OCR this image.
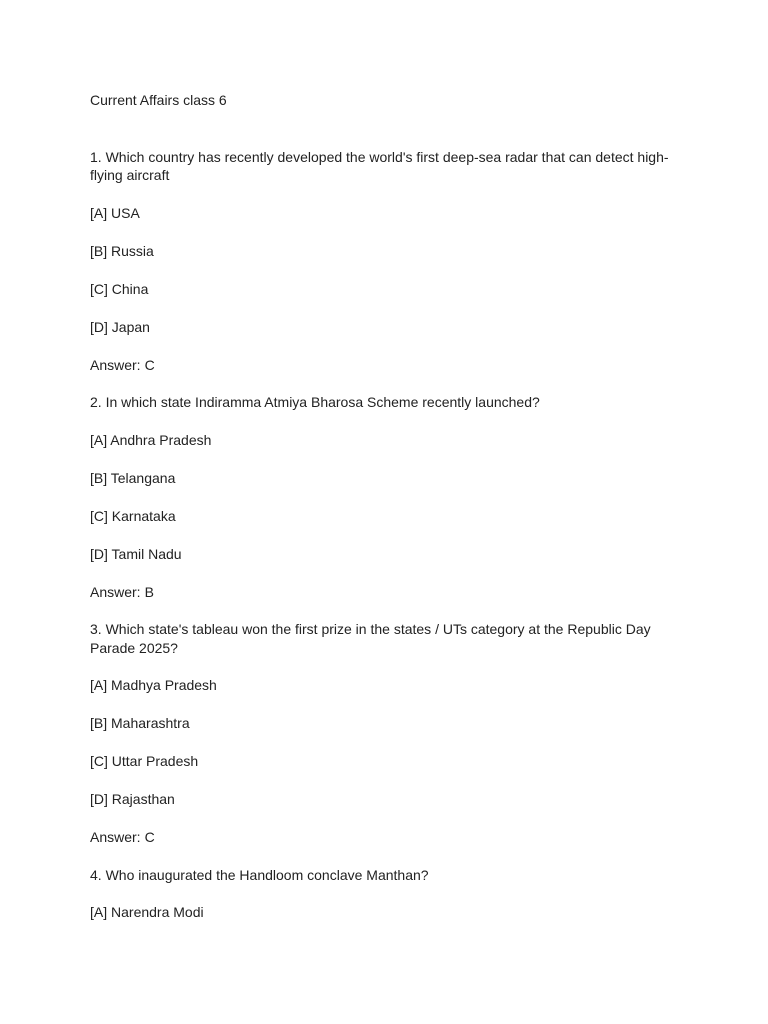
Current Affairs class 6
1. Which country has recently developed the world's first deep-sea radar that can detect high-flying aircraft
[A] USA
[B] Russia
[C] China
[D] Japan
Answer: C
2. In which state Indiramma Atmiya Bharosa Scheme recently launched?
[A] Andhra Pradesh
[B] Telangana
[C] Karnataka
[D] Tamil Nadu
Answer: B
3. Which state's tableau won the first prize in the states / UTs category at the Republic Day Parade 2025?
[A] Madhya Pradesh
[B] Maharashtra
[C] Uttar Pradesh
[D] Rajasthan
Answer: C
4. Who inaugurated the Handloom conclave Manthan?
[A] Narendra Modi
